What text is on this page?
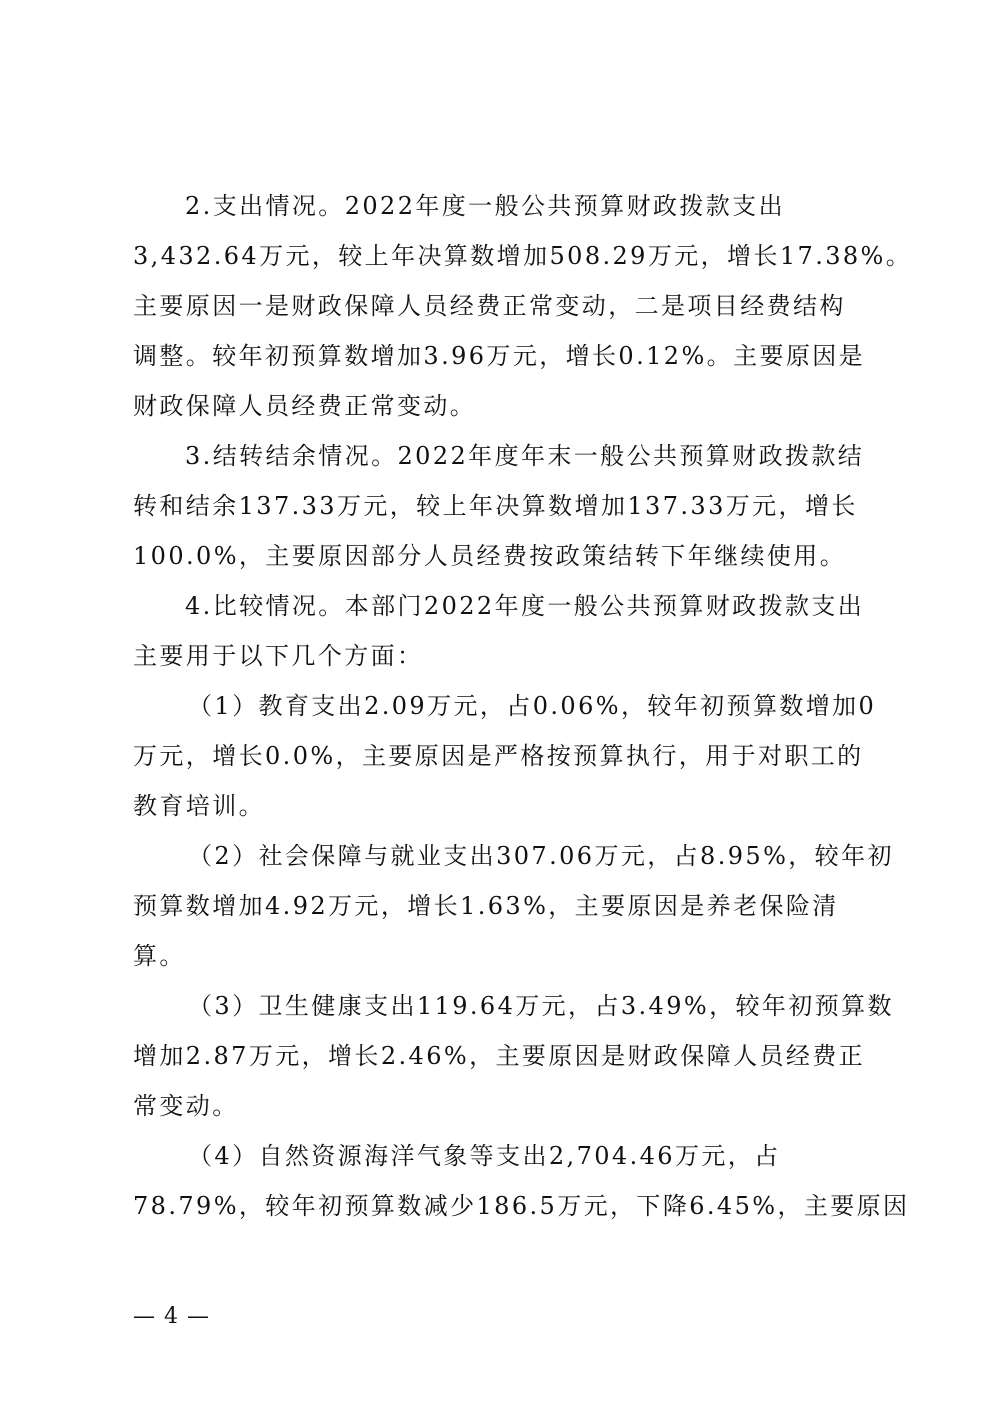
2.支出情况。2022年度一般公共预算财政拨款支出
3,432.64万元，较上年决算数增加508.29万元，增长17.38%。
主要原因一是财政保障人员经费正常变动，二是项目经费结构
调整。较年初预算数增加3.96万元，增长0.12%。主要原因是
财政保障人员经费正常变动。
3.结转结余情况。2022年度年末一般公共预算财政拨款结
转和结余137.33万元，较上年决算数增加137.33万元，增长
100.0%，主要原因部分人员经费按政策结转下年继续使用。
4.比较情况。本部门2022年度一般公共预算财政拨款支出
主要用于以下几个方面：
（1）教育支出2.09万元，占0.06%，较年初预算数增加0
万元，增长0.0%，主要原因是严格按预算执行，用于对职工的
教育培训。
（2）社会保障与就业支出307.06万元，占8.95%，较年初
预算数增加4.92万元，增长1.63%，主要原因是养老保险清
算。
（3）卫生健康支出119.64万元，占3.49%，较年初预算数
增加2.87万元，增长2.46%，主要原因是财政保障人员经费正
常变动。
（4）自然资源海洋气象等支出2,704.46万元，占
78.79%，较年初预算数减少186.5万元，下降6.45%，主要原因
— 4 —
